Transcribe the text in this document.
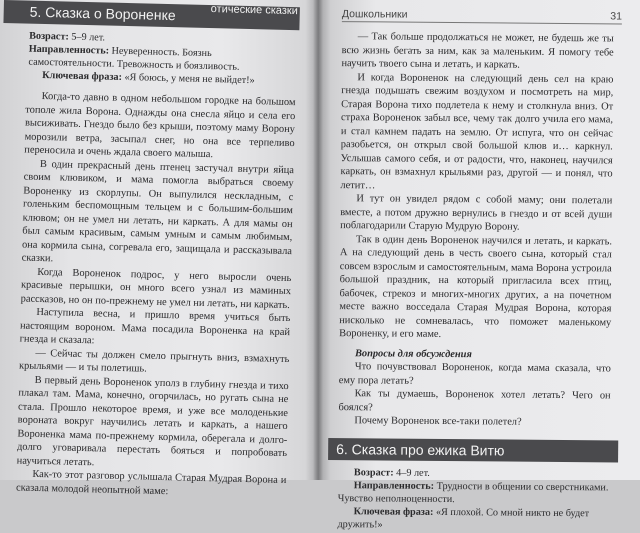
5. Сказка о Вороненке	отические сказки

Возраст: 5–9 лет.

Направленность: Неуверенность. Боязнь самостоятельности. Тревожность и боязливость.

Ключевая фраза: «Я боюсь, у меня не выйдет!»

Когда-то давно в одном небольшом городке на большом тополе жила Ворона. Однажды она снесла яйцо и села его высиживать. Гнездо было без крыши, поэтому маму Ворону морозили ветра, засыпал снег, но она все терпеливо переносила и очень ждала своего малыша.

В один прекрасный день птенец застучал внутри яйца своим клювиком, и мама помогла выбраться своему Вороненку из скорлупы. Он выпулился нескладным, с голеньким беспомощным тельцем и с большим-большим клювом; он не умел ни летать, ни каркать. А для мамы он был самым красивым, самым умным и самым любимым, она кормила сына, согревала его, защищала и рассказывала сказки.

Когда Вороненок подрос, у него выросли очень красивые перышки, он много всего узнал из маминых рассказов, но он по-прежнему не умел ни летать, ни каркать.

Наступила весна, и пришло время учиться быть настоящим вороном. Мама посадила Вороненка на край гнезда и сказала:

— Сейчас ты должен смело прыгнуть вниз, взмахнуть крыльями — и ты полетишь.

В первый день Вороненок уполз в глубину гнезда и тихо плакал там. Мама, конечно, огорчилась, но ругать сына не стала. Прошло некоторое время, и уже все молоденькие вороната вокруг научились летать и каркать, а нашего Вороненка мама по-прежнему кормила, оберегала и долго-долго уговаривала перестать бояться и попробовать научиться летать.

Как-то этот разговор услышала Старая Мудрая Ворона и сказала молодой неопытной маме:

Дошкольники	31

— Так больше продолжаться не может, не будешь же ты всю жизнь бегать за ним, как за маленьким. Я помогу тебе научить твоего сына и летать, и каркать.

И когда Вороненок на следующий день сел на краю гнезда подышать свежим воздухом и посмотреть на мир, Старая Ворона тихо подлетела к нему и столкнула вниз. От страха Вороненок забыл все, чему так долго учила его мама, и стал камнем падать на землю. От испуга, что он сейчас разобьется, он открыл свой большой клюв и… каркнул. Услышав самого себя, и от радости, что, наконец, научился каркать, он взмахнул крыльями раз, другой — и понял, что летит…

И тут он увидел рядом с собой маму; они полетали вместе, а потом дружно вернулись в гнездо и от всей души поблагодарили Старую Мудрую Ворону.

Так в один день Вороненок научился и летать, и каркать. А на следующий день в честь своего сына, который стал совсем взрослым и самостоятельным, мама Ворона устроила большой праздник, на который пригласила всех птиц, бабочек, стрекоз и многих-многих других, а на почетном месте важно восседала Старая Мудрая Ворона, которая нисколько не сомневалась, что поможет маленькому Вороненку, и его маме.

Вопросы для обсуждения

Что почувствовал Вороненок, когда мама сказала, что ему пора летать?

Как ты думаешь, Вороненок хотел летать? Чего он боялся?

Почему Вороненок все-таки полетел?

6. Сказка про ежика Витю

Возраст: 4–9 лет.

Направленность: Трудности в общении со сверстниками. Чувство неполноценности.

Ключевая фраза: «Я плохой. Со мной никто не будет дружить!»
